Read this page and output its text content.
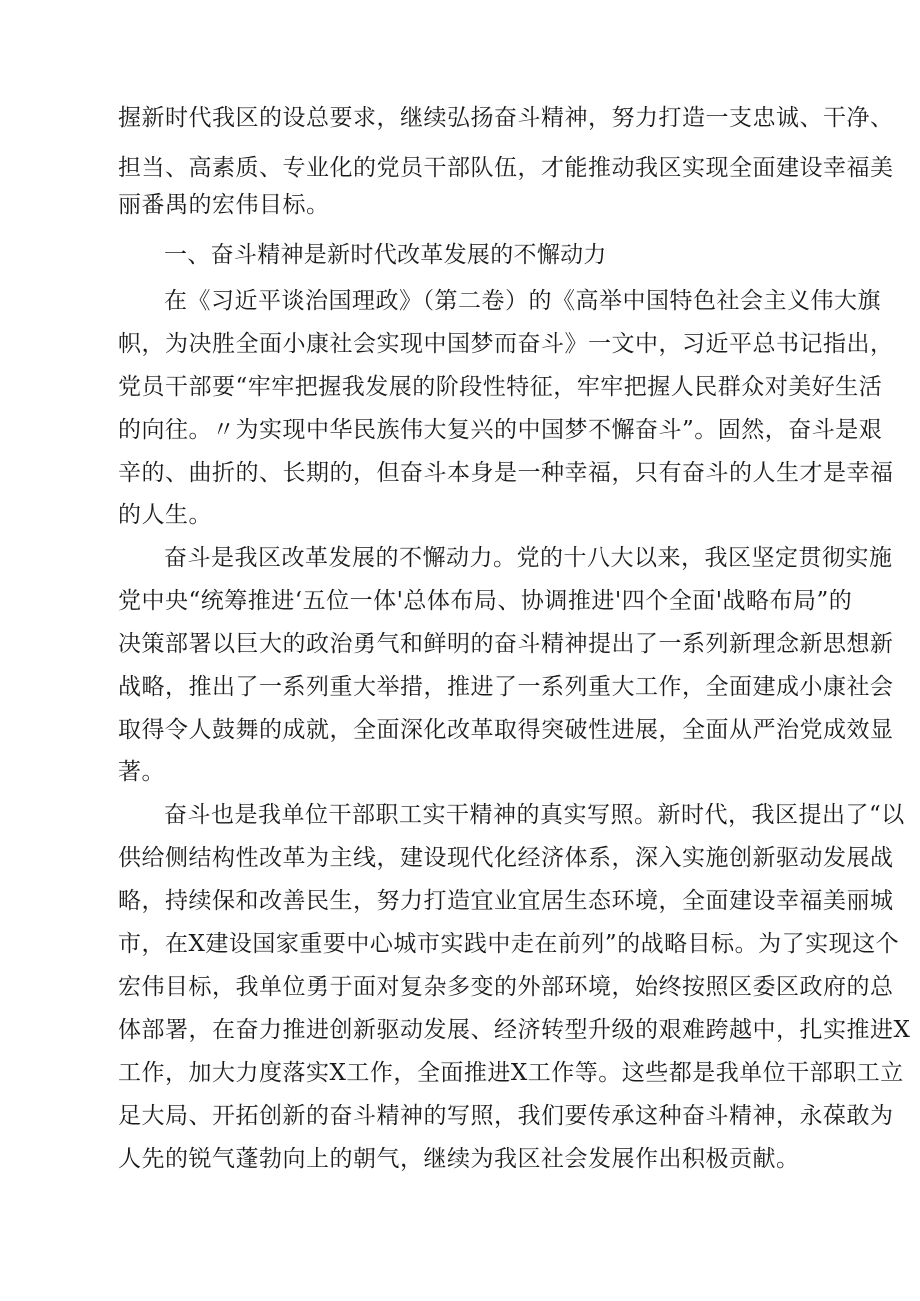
握新时代我区的设总要求，继续弘扬奋斗精神，努力打造一支忠诚、干净、
担当、高素质、专业化的党员干部队伍，才能推动我区实现全面建设幸福美
丽番禺的宏伟目标。
一、奋斗精神是新时代改革发展的不懈动力
在《习近平谈治国理政》（第二卷）的《高举中国特色社会主义伟大旗
帜，为决胜全面小康社会实现中国梦而奋斗》一文中，习近平总书记指出，
党员干部要“牢牢把握我发展的阶段性特征，牢牢把握人民群众对美好生活
的向往。〃为实现中华民族伟大复兴的中国梦不懈奋斗”。固然，奋斗是艰
辛的、曲折的、长期的，但奋斗本身是一种幸福，只有奋斗的人生才是幸福
的人生。
奋斗是我区改革发展的不懈动力。党的十八大以来，我区坚定贯彻实施
党中央“统筹推进‘五位一体'总体布局、协调推进'四个全面'战略布局”的
决策部署以巨大的政治勇气和鲜明的奋斗精神提出了一系列新理念新思想新
战略，推出了一系列重大举措，推进了一系列重大工作，全面建成小康社会
取得令人鼓舞的成就，全面深化改革取得突破性进展，全面从严治党成效显
著。
奋斗也是我单位干部职工实干精神的真实写照。新时代，我区提出了“以
供给侧结构性改革为主线，建设现代化经济体系，深入实施创新驱动发展战
略，持续保和改善民生，努力打造宜业宜居生态环境，全面建设幸福美丽城
市，在X建设国家重要中心城市实践中走在前列”的战略目标。为了实现这个
宏伟目标，我单位勇于面对复杂多变的外部环境，始终按照区委区政府的总
体部署，在奋力推进创新驱动发展、经济转型升级的艰难跨越中，扎实推进X
工作，加大力度落实X工作，全面推进X工作等。这些都是我单位干部职工立
足大局、开拓创新的奋斗精神的写照，我们要传承这种奋斗精神，永葆敢为
人先的锐气蓬勃向上的朝气，继续为我区社会发展作出积极贡献。
